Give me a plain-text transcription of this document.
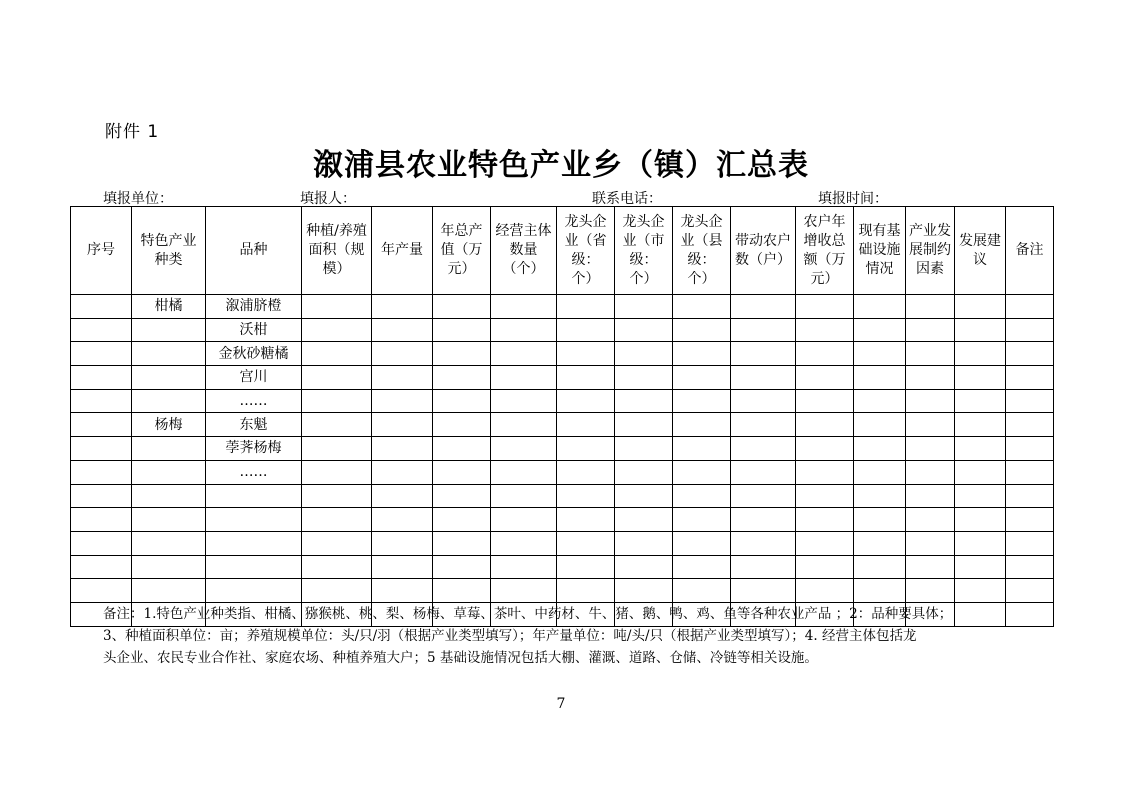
附件 1
溆浦县农业特色产业乡（镇）汇总表
填报单位：	填报人：	联系电话：	填报时间：
序号	特色产业
种类	品种	种植/养殖
面积（规
模）	年产量	年总产
值（万
元）	经营主体
数量
（个）	龙头企
业（省
级：
个）	龙头企
业（市
级：
个）	龙头企
业（县
级：
个）	带动农户
数（户）	农户年
增收总
额（万
元）	现有基
础设施
情况	产业发
展制约
因素	发展建
议	备注
	柑橘	溆浦脐橙													
		沃柑													
		金秋砂糖橘													
		宫川													
		……													
	杨梅	东魁													
		荸荠杨梅													
		……													

备注：1.特色产业种类指、柑橘、猕猴桃、桃、梨、杨梅、草莓、茶叶、中药材、牛、猪、鹅、鸭、鸡、鱼等各种农业产品 ；2：品种要具体；

3、种植面积单位：亩；养殖规模单位：头/只/羽（根据产业类型填写）；年产量单位：吨/头/只（根据产业类型填写）；4. 经营主体包括龙

头企业、农民专业合作社、家庭农场、种植养殖大户；5 基础设施情况包括大棚、灌溉、道路、仓储、冷链等相关设施。

7
